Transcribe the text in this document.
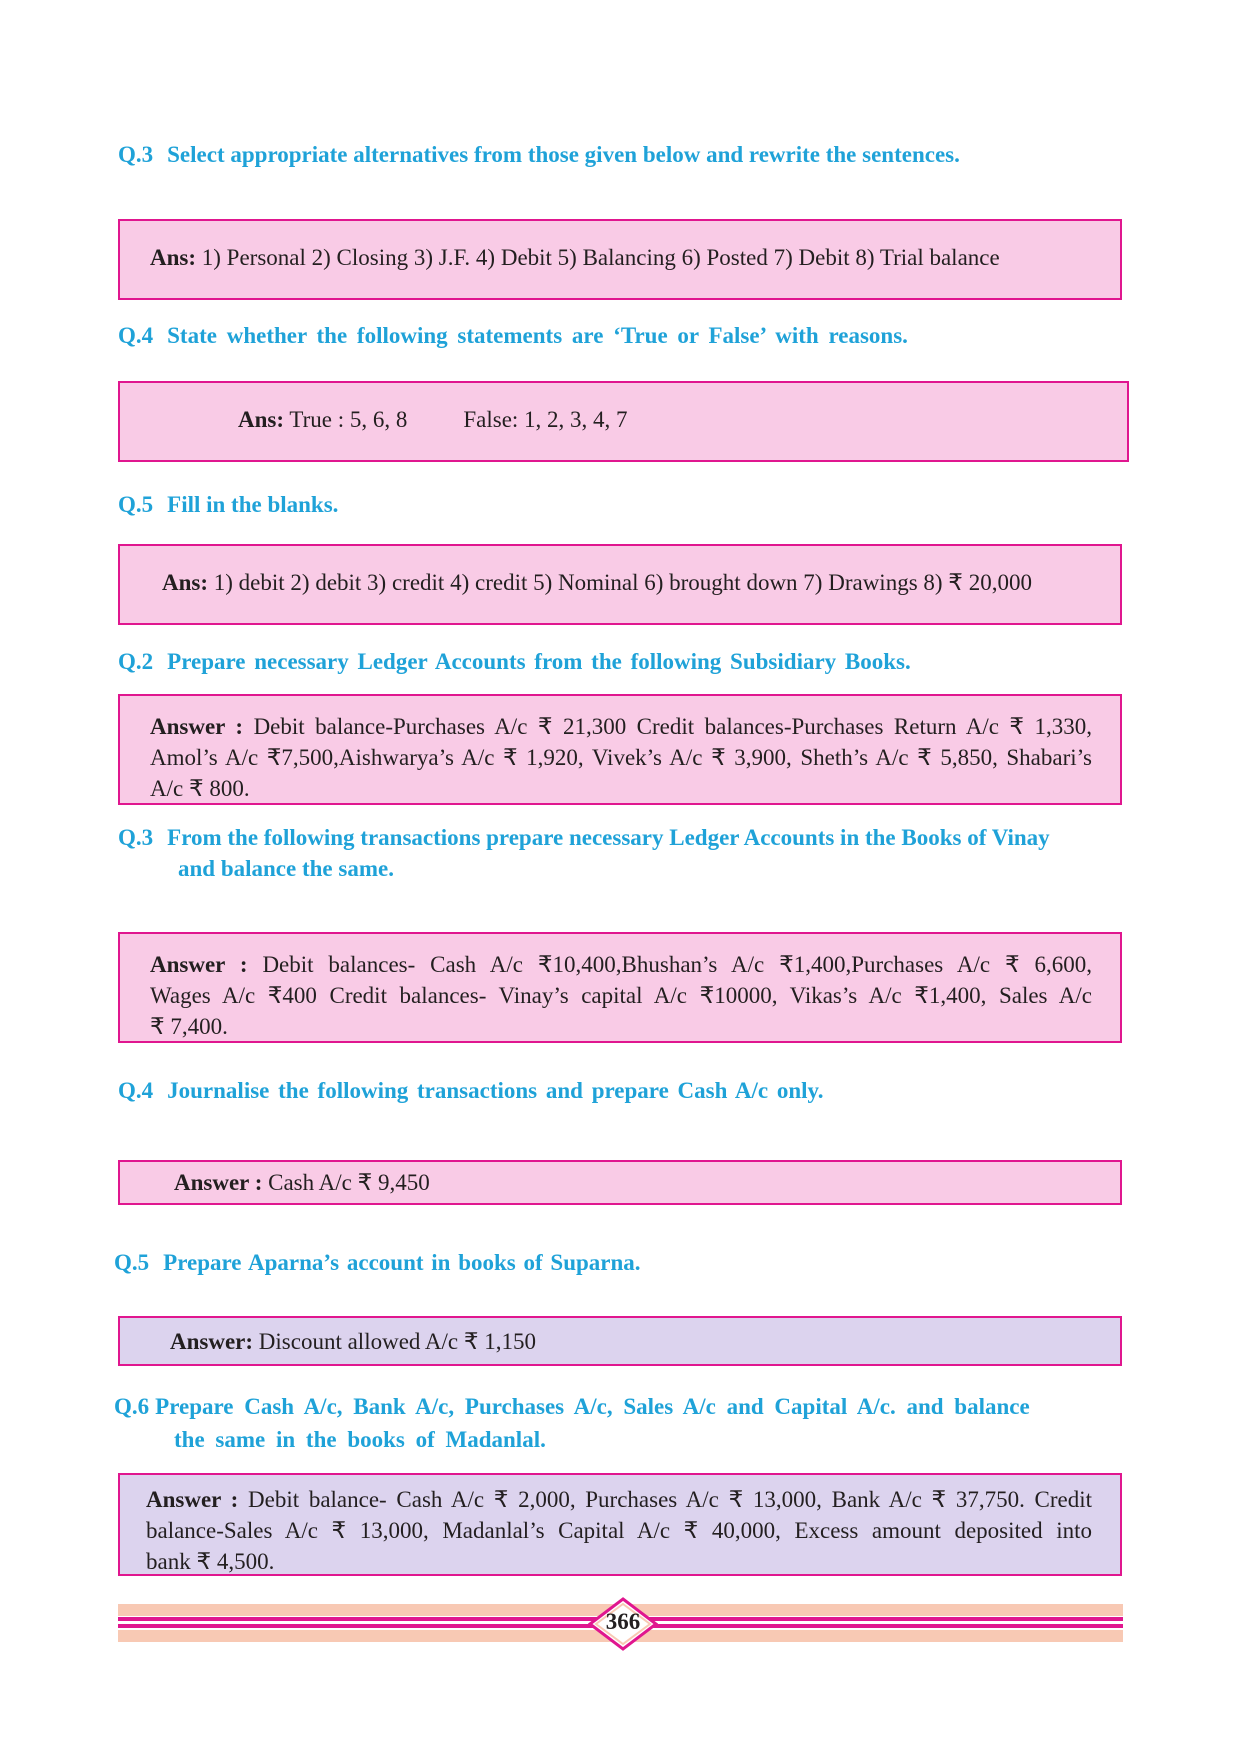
Q.3 Select appropriate alternatives from those given below and rewrite the sentences.
Ans: 1) Personal 2) Closing 3) J.F. 4) Debit 5) Balancing 6) Posted 7) Debit 8) Trial balance
Q.4 State whether the following statements are ‘True or False’ with reasons.
Ans: True : 5, 6, 8 False: 1, 2, 3, 4, 7
Q.5 Fill in the blanks.
Ans: 1) debit 2) debit 3) credit 4) credit 5) Nominal 6) brought down 7) Drawings 8) ₹ 20,000
Q.2 Prepare necessary Ledger Accounts from the following Subsidiary Books.
Answer : Debit balance-Purchases A/c ₹ 21,300 Credit balances-Purchases Return A/c ₹ 1,330,
Amol’s A/c ₹7,500,Aishwarya’s A/c ₹ 1,920, Vivek’s A/c ₹ 3,900, Sheth’s A/c ₹ 5,850, Shabari’s
A/c ₹ 800.
Q.3 From the following transactions prepare necessary Ledger Accounts in the Books of Vinay
and balance the same.
Answer : Debit balances- Cash A/c ₹10,400,Bhushan’s A/c ₹1,400,Purchases A/c ₹ 6,600,
Wages A/c ₹400 Credit balances- Vinay’s capital A/c ₹10000, Vikas’s A/c ₹1,400, Sales A/c
₹ 7,400.
Q.4 Journalise the following transactions and prepare Cash A/c only.
Answer : Cash A/c ₹ 9,450
Q.5 Prepare Aparna’s account in books of Suparna.
Answer: Discount allowed A/c ₹ 1,150
Q.6 Prepare Cash A/c, Bank A/c, Purchases A/c, Sales A/c and Capital A/c. and balance
the same in the books of Madanlal.
Answer : Debit balance- Cash A/c ₹ 2,000, Purchases A/c ₹ 13,000, Bank A/c ₹ 37,750. Credit
balance-Sales A/c ₹ 13,000, Madanlal’s Capital A/c ₹ 40,000, Excess amount deposited into
bank ₹ 4,500.
366
